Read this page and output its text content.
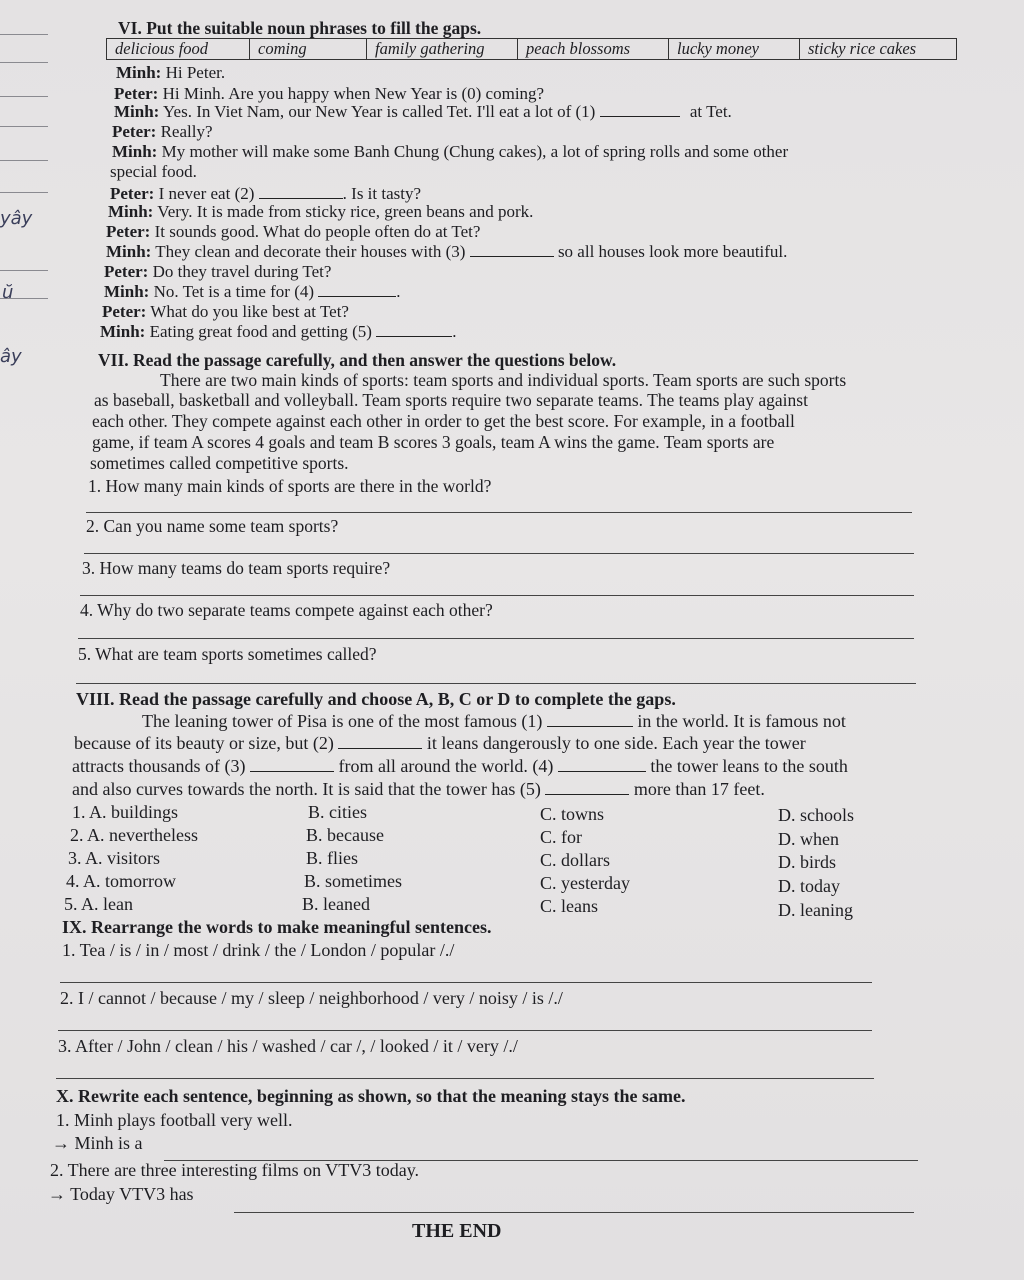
yây
ŭ
ây
VI. Put the suitable noun phrases to fill the gaps.
delicious food	coming	family gathering	peach blossoms	lucky money	sticky rice cakes
Minh: Hi Peter.
Peter: Hi Minh. Are you happy when New Year is (0) coming?
Minh: Yes. In Viet Nam, our New Year is called Tet. I'll eat a lot of (1)	at Tet.
Peter: Really?
Minh: My mother will make some Banh Chung (Chung cakes), a lot of spring rolls and some other
special food.
Peter: I never eat (2)	. Is it tasty?
Minh: Very. It is made from sticky rice, green beans and pork.
Peter: It sounds good. What do people often do at Tet?
Minh: They clean and decorate their houses with (3)	so all houses look more beautiful.
Peter: Do they travel during Tet?
Minh: No. Tet is a time for (4)	.
Peter: What do you like best at Tet?
Minh: Eating great food and getting (5)	.
VII. Read the passage carefully, and then answer the questions below.
There are two main kinds of sports: team sports and individual sports. Team sports are such sports
as baseball, basketball and volleyball. Team sports require two separate teams. The teams play against
each other. They compete against each other in order to get the best score. For example, in a football
game, if team A scores 4 goals and team B scores 3 goals, team A wins the game. Team sports are
sometimes called competitive sports.
1. How many main kinds of sports are there in the world?
2. Can you name some team sports?
3. How many teams do team sports require?
4. Why do two separate teams compete against each other?
5. What are team sports sometimes called?
VIII. Read the passage carefully and choose A, B, C or D to complete the gaps.
The leaning tower of Pisa is one of the most famous (1)	in the world. It is famous not
because of its beauty or size, but (2)	it leans dangerously to one side. Each year the tower
attracts thousands of (3)	from all around the world. (4)	the tower leans to the south
and also curves towards the north. It is said that the tower has (5)	more than 17 feet.
1. A. buildings	B. cities	C. towns	D. schools
2. A. nevertheless	B. because	C. for	D. when
3. A. visitors	B. flies	C. dollars	D. birds
4. A. tomorrow	B. sometimes	C. yesterday	D. today
5. A. lean	B. leaned	C. leans	D. leaning
IX. Rearrange the words to make meaningful sentences.
1. Tea / is / in / most / drink / the / London / popular /./
2. I / cannot / because / my / sleep / neighborhood / very / noisy / is /./
3. After / John / clean / his / washed / car /, / looked / it / very /./
X. Rewrite each sentence, beginning as shown, so that the meaning stays the same.
1. Minh plays football very well.
→ Minh is a
2. There are three interesting films on VTV3 today.
→ Today VTV3 has
THE END
